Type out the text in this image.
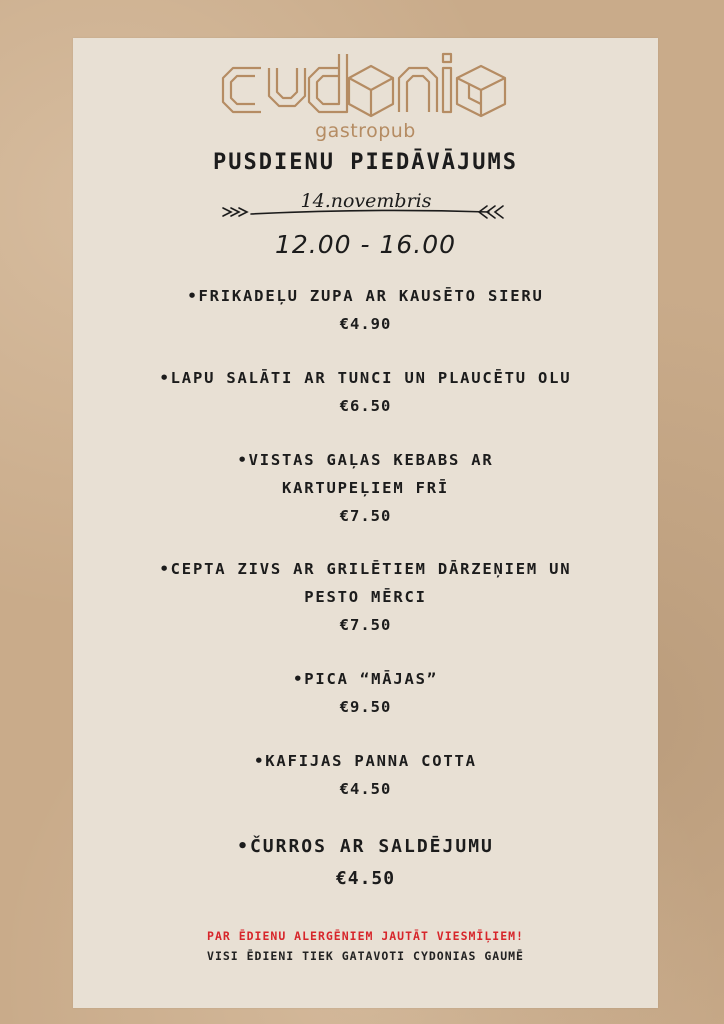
gastropub
PUSDIENU PIEDĀVĀJUMS
14.novembris
12.00 - 16.00
•FRIKADEĻU ZUPA AR KAUSĒTO SIERU
€4.90
•LAPU SALĀTI AR TUNCI UN PLAUCĒTU OLU
€6.50
•VISTAS GAĻAS KEBABS AR
KARTUPEĻIEM FRĪ
€7.50
•CEPTA ZIVS AR GRILĒTIEM DĀRZEŅIEM UN
PESTO MĒRCI
€7.50
•PICA “MĀJAS”
€9.50
•KAFIJAS PANNA COTTA
€4.50
•ČURROS AR SALDĒJUMU
€4.50
PAR ĒDIENU ALERGĒNIEM JAUTĀT VIESMĪĻIEM!
VISI ĒDIENI TIEK GATAVOTI CYDONIAS GAUMĒ
